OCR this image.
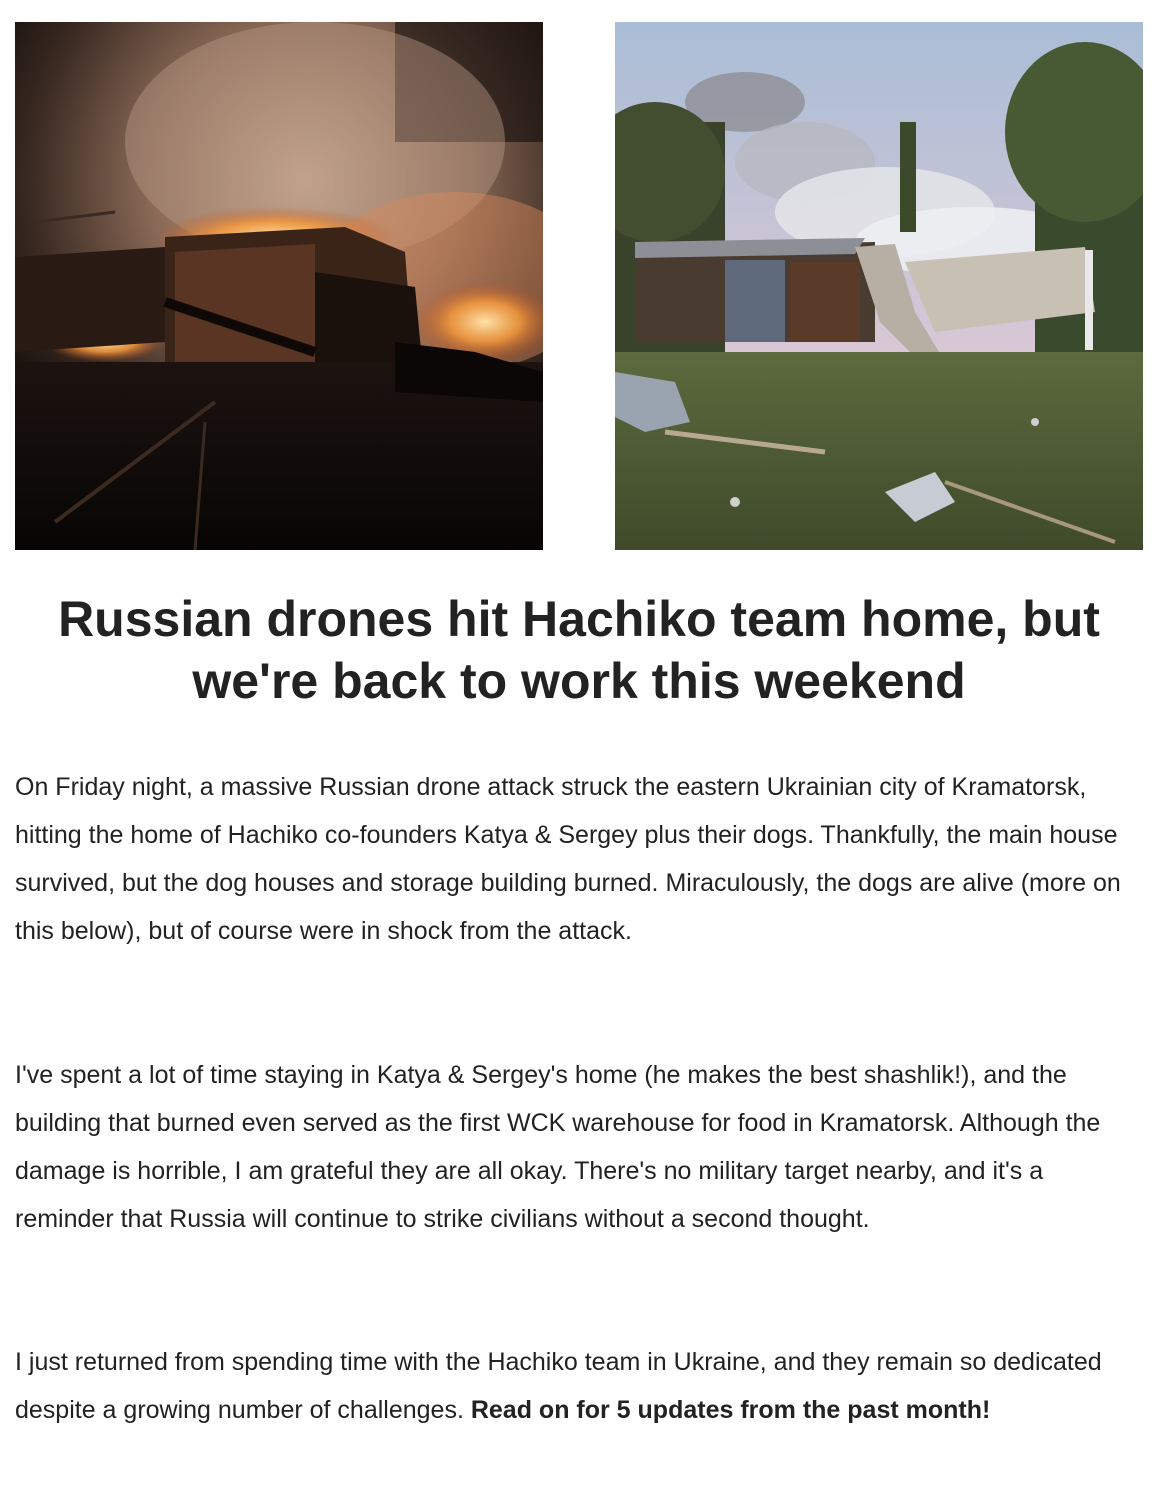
Russian drones hit Hachiko team home, but we're back to work this weekend

On Friday night, a massive Russian drone attack struck the eastern Ukrainian city of Kramatorsk, hitting the home of Hachiko co-founders Katya & Sergey plus their dogs. Thankfully, the main house survived, but the dog houses and storage building burned. Miraculously, the dogs are alive (more on this below), but of course were in shock from the attack.

I've spent a lot of time staying in Katya & Sergey's home (he makes the best shashlik!), and the building that burned even served as the first WCK warehouse for food in Kramatorsk. Although the damage is horrible, I am grateful they are all okay. There's no military target nearby, and it's a reminder that Russia will continue to strike civilians without a second thought.

I just returned from spending time with the Hachiko team in Ukraine, and they remain so dedicated despite a growing number of challenges. Read on for 5 updates from the past month!
